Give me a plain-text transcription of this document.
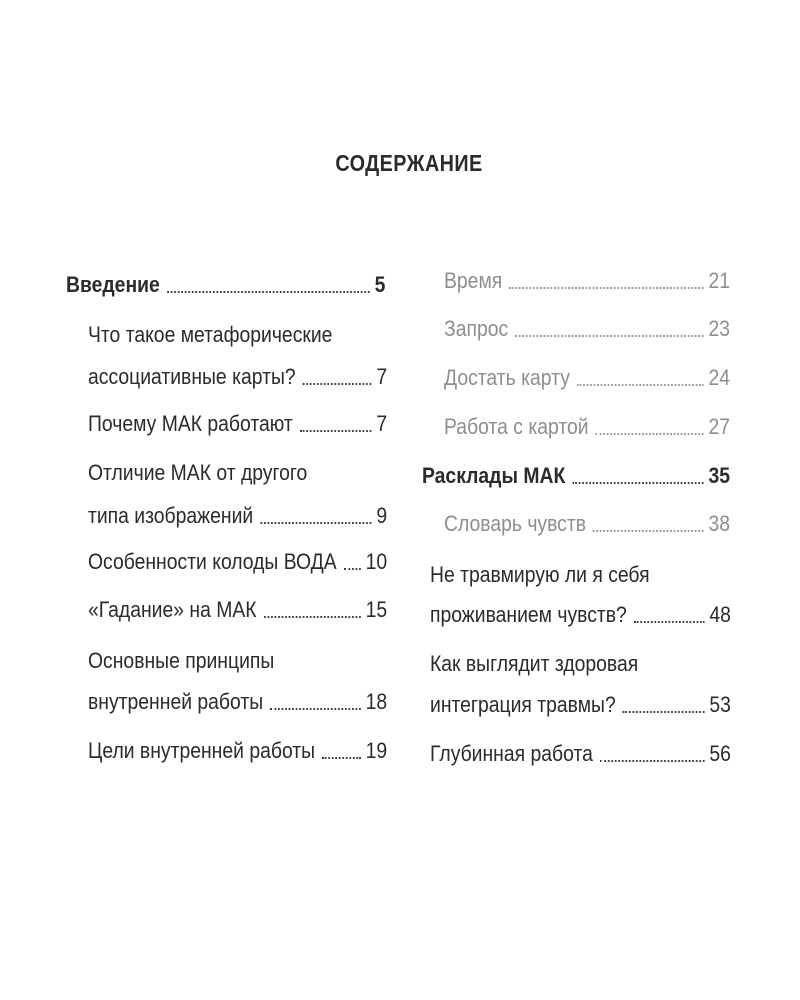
СОДЕРЖАНИЕ
Введение	5
Что такое метафорические
ассоциативные карты?	7
Почему МАК работают	7
Отличие МАК от другого
типа изображений	9
Особенности колоды ВОДА 10
«Гадание» на МАК	15
Основные принципы
внутренней работы	18
Цели внутренней работы 19
Время	21
Запрос	23
Достать карту	24
Работа с картой	27
Расклады МАК	35
Словарь чувств	38
Не травмирую ли я себя
проживанием чувств?	48
Как выглядит здоровая
интеграция травмы?	53
Глубинная работа	56
